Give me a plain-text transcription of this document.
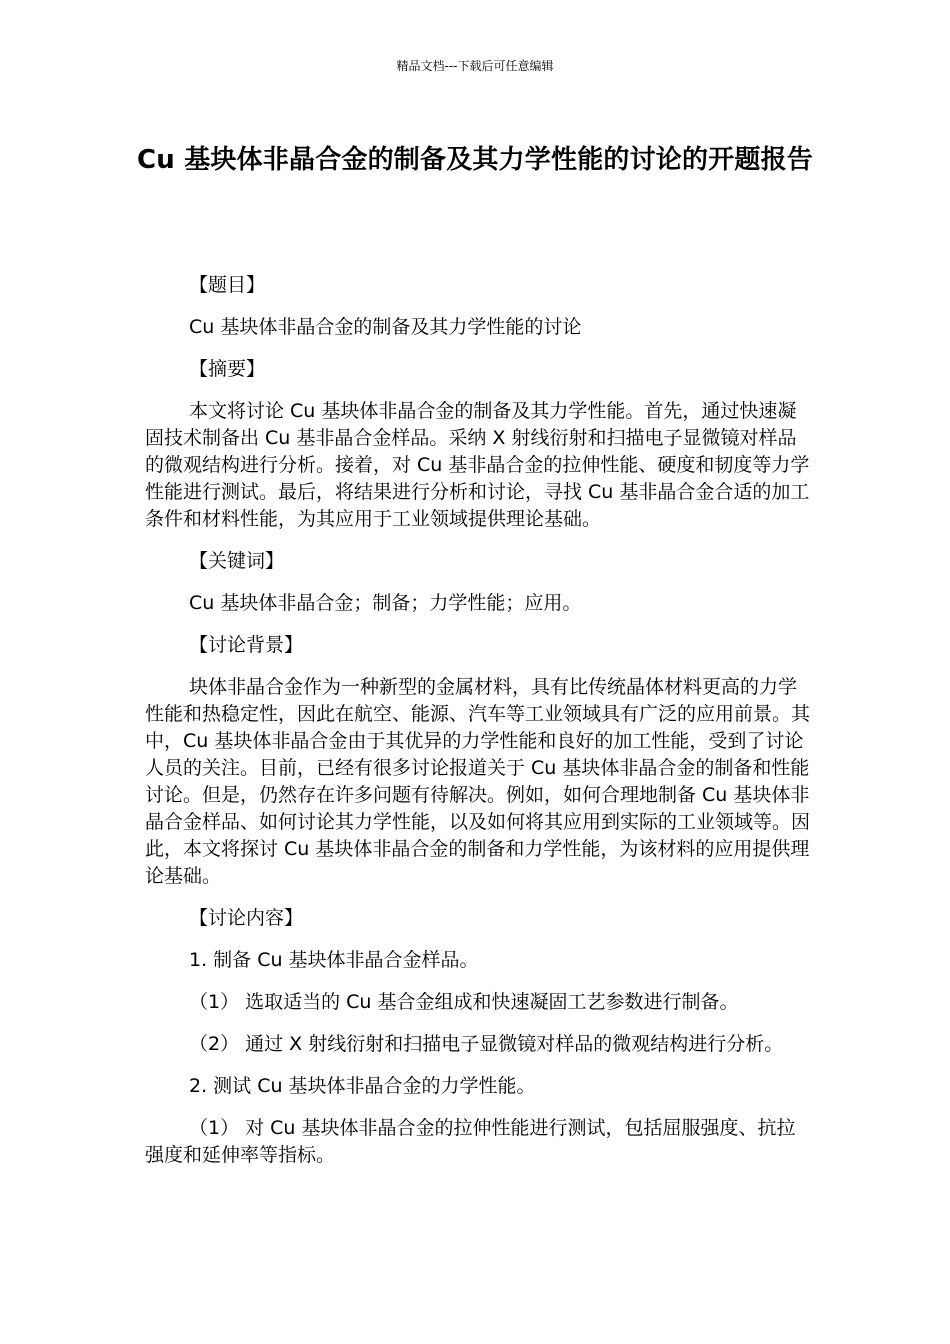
精品文档---下载后可任意编辑
Cu 基块体非晶合金的制备及其力学性能的讨论的开题报告

【题目】

Cu 基块体非晶合金的制备及其力学性能的讨论

【摘要】

本文将讨论 Cu 基块体非晶合金的制备及其力学性能。首先，通过快速凝固技术制备出 Cu 基非晶合金样品。采纳 X 射线衍射和扫描电子显微镜对样品的微观结构进行分析。接着，对 Cu 基非晶合金的拉伸性能、硬度和韧度等力学性能进行测试。最后，将结果进行分析和讨论，寻找 Cu 基非晶合金合适的加工条件和材料性能，为其应用于工业领域提供理论基础。

【关键词】

Cu 基块体非晶合金；制备；力学性能；应用。

【讨论背景】

块体非晶合金作为一种新型的金属材料，具有比传统晶体材料更高的力学性能和热稳定性，因此在航空、能源、汽车等工业领域具有广泛的应用前景。其中，Cu 基块体非晶合金由于其优异的力学性能和良好的加工性能，受到了讨论人员的关注。目前，已经有很多讨论报道关于 Cu 基块体非晶合金的制备和性能讨论。但是，仍然存在许多问题有待解决。例如，如何合理地制备 Cu 基块体非晶合金样品、如何讨论其力学性能，以及如何将其应用到实际的工业领域等。因此，本文将探讨 Cu 基块体非晶合金的制备和力学性能，为该材料的应用提供理论基础。

【讨论内容】

1. 制备 Cu 基块体非晶合金样品。

（1） 选取适当的 Cu 基合金组成和快速凝固工艺参数进行制备。

（2） 通过 X 射线衍射和扫描电子显微镜对样品的微观结构进行分析。

2. 测试 Cu 基块体非晶合金的力学性能。

（1） 对 Cu 基块体非晶合金的拉伸性能进行测试，包括屈服强度、抗拉强度和延伸率等指标。
